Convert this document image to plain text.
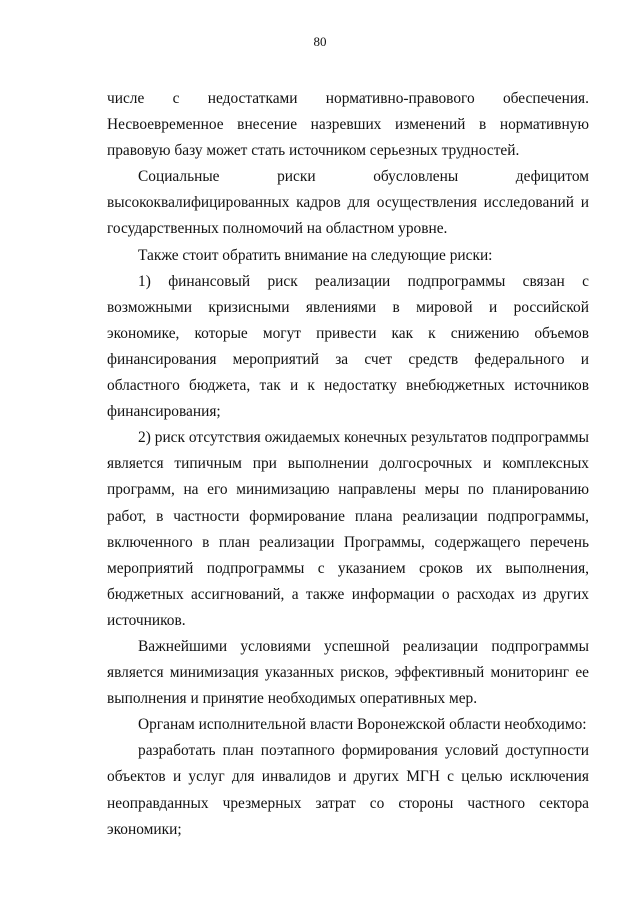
80

числе с недостатками нормативно-правового обеспечения. Несвоевременное внесение назревших изменений в нормативную правовую базу может стать источником серьезных трудностей.

Социальные риски обусловлены дефицитом высококвалифицированных кадров для осуществления исследований и государственных полномочий на областном уровне.

Также стоит обратить внимание на следующие риски:

1) финансовый риск реализации подпрограммы связан с возможными кризисными явлениями в мировой и российской экономике, которые могут привести как к снижению объемов финансирования мероприятий за счет средств федерального и областного бюджета, так и к недостатку внебюджетных источников финансирования;

2) риск отсутствия ожидаемых конечных результатов подпрограммы является типичным при выполнении долгосрочных и комплексных программ, на его минимизацию направлены меры по планированию работ, в частности формирование плана реализации подпрограммы, включенного в план реализации Программы, содержащего перечень мероприятий подпрограммы с указанием сроков их выполнения, бюджетных ассигнований, а также информации о расходах из других источников.

Важнейшими условиями успешной реализации подпрограммы является минимизация указанных рисков, эффективный мониторинг ее выполнения и принятие необходимых оперативных мер.

Органам исполнительной власти Воронежской области необходимо:

разработать план поэтапного формирования условий доступности объектов и услуг для инвалидов и других МГН с целью исключения неоправданных чрезмерных затрат со стороны частного сектора экономики;
